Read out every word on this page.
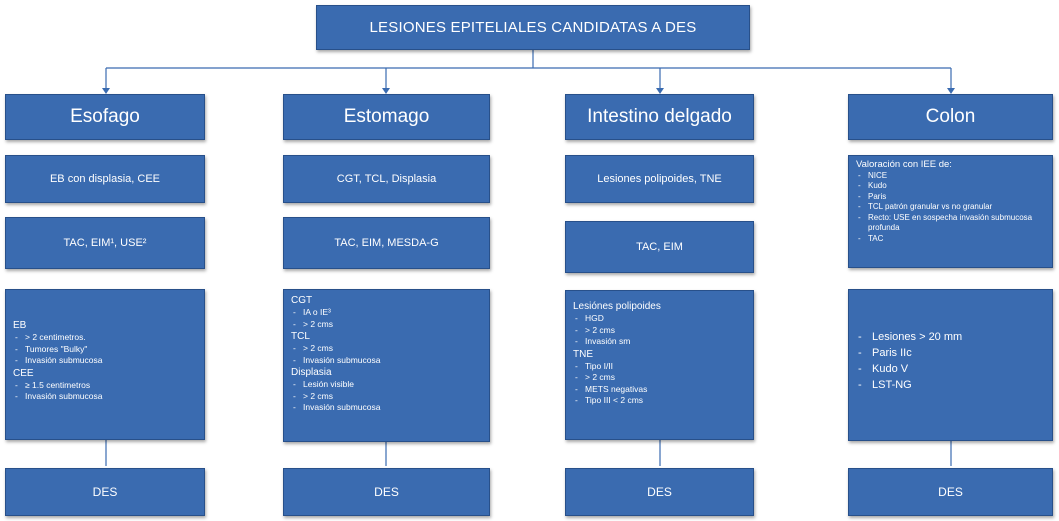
LESIONES EPITELIALES CANDIDATAS A DES
Esofago
EB con displasia, CEE
TAC, EIM¹, USE²
EB
- > 2 centimetros.
- Tumores "Bulky"
- Invasión submucosa
CEE
- ≥ 1.5 centimetros
- Invasión submucosa
DES
Estomago
CGT, TCL, Displasia
TAC, EIM, MESDA-G
CGT
- IA o IE³
- > 2 cms
TCL
- > 2 cms
- Invasión submucosa
Displasia
- Lesión visible
- > 2 cms
- Invasión submucosa
DES
Intestino delgado
Lesiones polipoides, TNE
TAC, EIM
Lesiónes polipoides
- HGD
- > 2 cms
- Invasión sm
TNE
- Tipo I/II
- > 2 cms
- METS negativas
- Tipo III < 2 cms
DES
Colon
Valoración con IEE de:
- NICE
- Kudo
- Paris
- TCL patrón granular vs no granular
- Recto: USE en sospecha invasión submucosa profunda
- TAC
- Lesiones > 20 mm
- Paris IIc
- Kudo V
- LST-NG
DES
